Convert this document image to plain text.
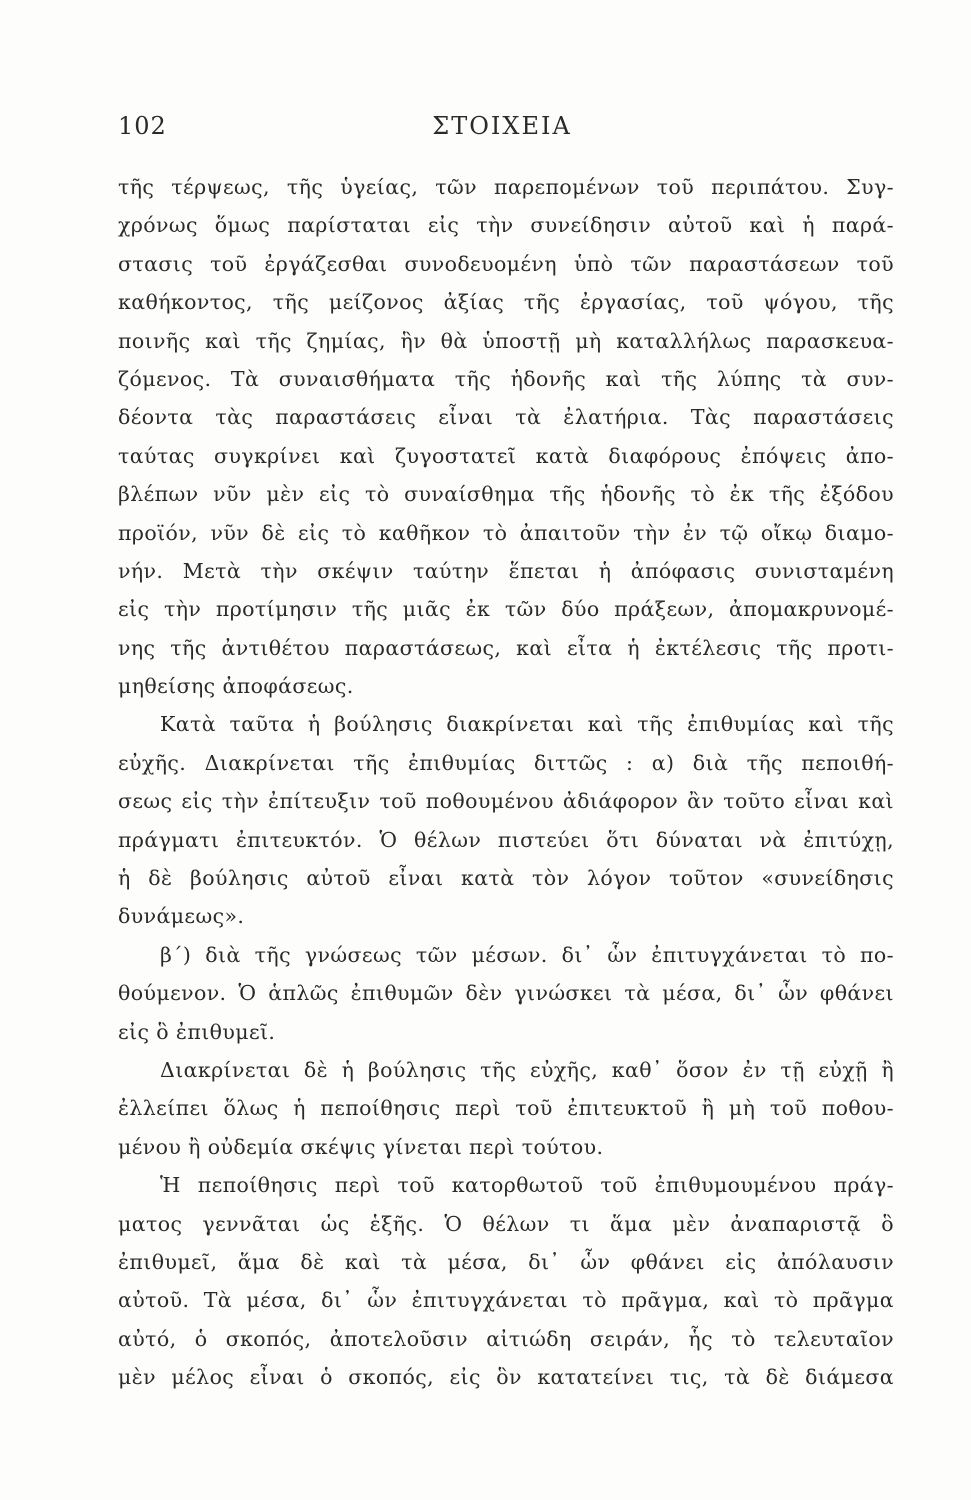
102	ΣΤΟΙΧΕΙΑ
τῆς τέρψεως, τῆς ὑγείας, τῶν παρεπομένων τοῦ περιπάτου. Συγ-
χρόνως ὅμως παρίσταται εἰς τὴν συνείδησιν αὐτοῦ καὶ ἡ παρά-
στασις τοῦ ἐργάζεσθαι συνοδευομένη ὑπὸ τῶν παραστάσεων τοῦ
καθήκοντος, τῆς μείζονος ἀξίας τῆς ἐργασίας, τοῦ ψόγου, τῆς
ποινῆς καὶ τῆς ζημίας, ἣν θὰ ὑποστῇ μὴ καταλλήλως παρασκευα-
ζόμενος. Τὰ συναισθήματα τῆς ἡδονῆς καὶ τῆς λύπης τὰ συν-
δέοντα τὰς παραστάσεις εἶναι τὰ ἐλατήρια. Τὰς παραστάσεις
ταύτας συγκρίνει καὶ ζυγοστατεῖ κατὰ διαφόρους ἐπόψεις ἀπο-
βλέπων νῦν μὲν εἰς τὸ συναίσθημα τῆς ἡδονῆς τὸ ἐκ τῆς ἐξόδου
προϊόν, νῦν δὲ εἰς τὸ καθῆκον τὸ ἀπαιτοῦν τὴν ἐν τῷ οἴκῳ διαμο-
νήν. Μετὰ τὴν σκέψιν ταύτην ἕπεται ἡ ἀπόφασις συνισταμένη
εἰς τὴν προτίμησιν τῆς μιᾶς ἐκ τῶν δύο πράξεων, ἀπομακρυνομέ-
νης τῆς ἀντιθέτου παραστάσεως, καὶ εἶτα ἡ ἐκτέλεσις τῆς προτι-
μηθείσης ἀποφάσεως.
Κατὰ ταῦτα ἡ βούλησις διακρίνεται καὶ τῆς ἐπιθυμίας καὶ τῆς
εὐχῆς. Διακρίνεται τῆς ἐπιθυμίας διττῶς : α) διὰ τῆς πεποιθή-
σεως εἰς τὴν ἐπίτευξιν τοῦ ποθουμένου ἀδιάφορον ἂν τοῦτο εἶναι καὶ
πράγματι ἐπιτευκτόν. Ὁ θέλων πιστεύει ὅτι δύναται νὰ ἐπιτύχῃ,
ἡ δὲ βούλησις αὐτοῦ εἶναι κατὰ τὸν λόγον τοῦτον «συνείδησις
δυνάμεως».
β΄) διὰ τῆς γνώσεως τῶν μέσων. δι᾽ ὧν ἐπιτυγχάνεται τὸ πο-
θούμενον. Ὁ ἁπλῶς ἐπιθυμῶν δὲν γινώσκει τὰ μέσα, δι᾽ ὧν φθάνει
εἰς ὃ ἐπιθυμεῖ.
Διακρίνεται δὲ ἡ βούλησις τῆς εὐχῆς, καθ᾽ ὅσον ἐν τῇ εὐχῇ ἢ
ἐλλείπει ὅλως ἡ πεποίθησις περὶ τοῦ ἐπιτευκτοῦ ἢ μὴ τοῦ ποθου-
μένου ἢ οὐδεμία σκέψις γίνεται περὶ τούτου.
Ἡ πεποίθησις περὶ τοῦ κατορθωτοῦ τοῦ ἐπιθυμουμένου πράγ-
ματος γεννᾶται ὡς ἑξῆς. Ὁ θέλων τι ἅμα μὲν ἀναπαριστᾷ ὃ
ἐπιθυμεῖ, ἅμα δὲ καὶ τὰ μέσα, δι᾽ ὧν φθάνει εἰς ἀπόλαυσιν
αὐτοῦ. Τὰ μέσα, δι᾽ ὧν ἐπιτυγχάνεται τὸ πρᾶγμα, καὶ τὸ πρᾶγμα
αὐτό, ὁ σκοπός, ἀποτελοῦσιν αἰτιώδη σειράν, ἧς τὸ τελευταῖον
μὲν μέλος εἶναι ὁ σκοπός, εἰς ὃν κατατείνει τις, τὰ δὲ διάμεσα
